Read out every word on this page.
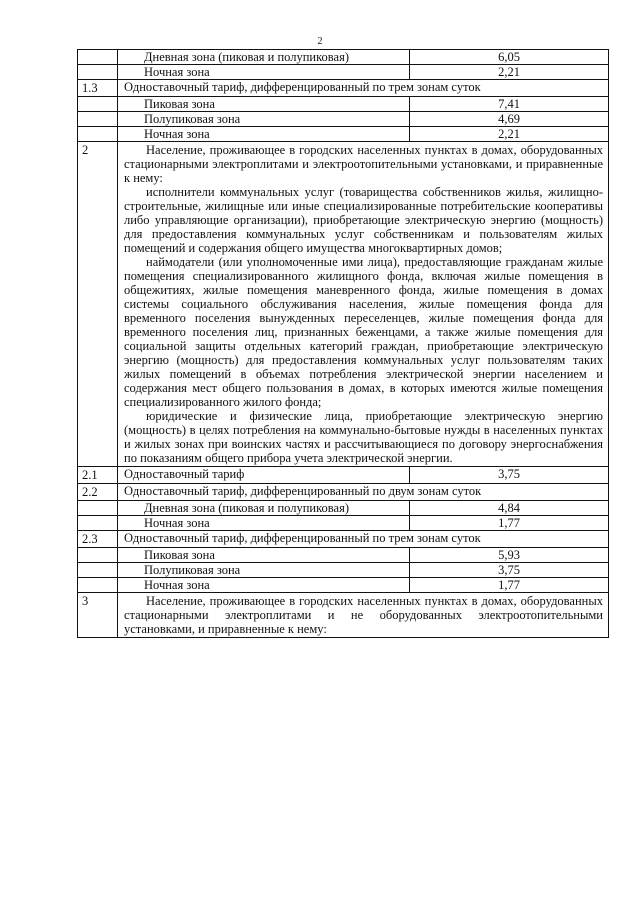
2
	Дневная зона (пиковая и полупиковая)	6,05
	Ночная зона	2,21
1.3	Одноставочный тариф, дифференцированный по трем зонам суток	
	Пиковая зона	7,41
	Полупиковая зона	4,69
	Ночная зона	2,21
2	Население, проживающее в городских населенных пунктах в домах, оборудованных стационарными электроплитами и электроотопительными установками, и приравненные к нему:

исполнители коммунальных услуг (товарищества собственников жилья, жилищно-строительные, жилищные или иные специализированные потребительские кооперативы либо управляющие организации), приобретающие электрическую энергию (мощность) для предоставления коммунальных услуг собственникам и пользователям жилых помещений и содержания общего имущества многоквартирных домов;

наймодатели (или уполномоченные ими лица), предоставляющие гражданам жилые помещения специализированного жилищного фонда, включая жилые помещения в общежитиях, жилые помещения маневренного фонда, жилые помещения в домах системы социального обслуживания населения, жилые помещения фонда для временного поселения вынужденных переселенцев, жилые помещения фонда для временного поселения лиц, признанных беженцами, а также жилые помещения для социальной защиты отдельных категорий граждан, приобретающие электрическую энергию (мощность) для предоставления коммунальных услуг пользователям таких жилых помещений в объемах потребления электрической энергии населением и содержания мест общего пользования в домах, в которых имеются жилые помещения специализированного жилого фонда;

юридические и физические лица, приобретающие электрическую энергию (мощность) в целях потребления на коммунально-бытовые нужды в населенных пунктах и жилых зонах при воинских частях и рассчитывающиеся по договору энергоснабжения по показаниям общего прибора учета электрической энергии.	

2.1	Одноставочный тариф	3,75
2.2	Одноставочный тариф, дифференцированный по двум зонам суток	
	Дневная зона (пиковая и полупиковая)	4,84
	Ночная зона	1,77
2.3	Одноставочный тариф, дифференцированный по трем зонам суток	
	Пиковая зона	5,93
	Полупиковая зона	3,75
	Ночная зона	1,77
3	Население, проживающее в городских населенных пунктах в домах, оборудованных стационарными электроплитами и не оборудованных электроотопительными установками, и приравненные к нему:	
